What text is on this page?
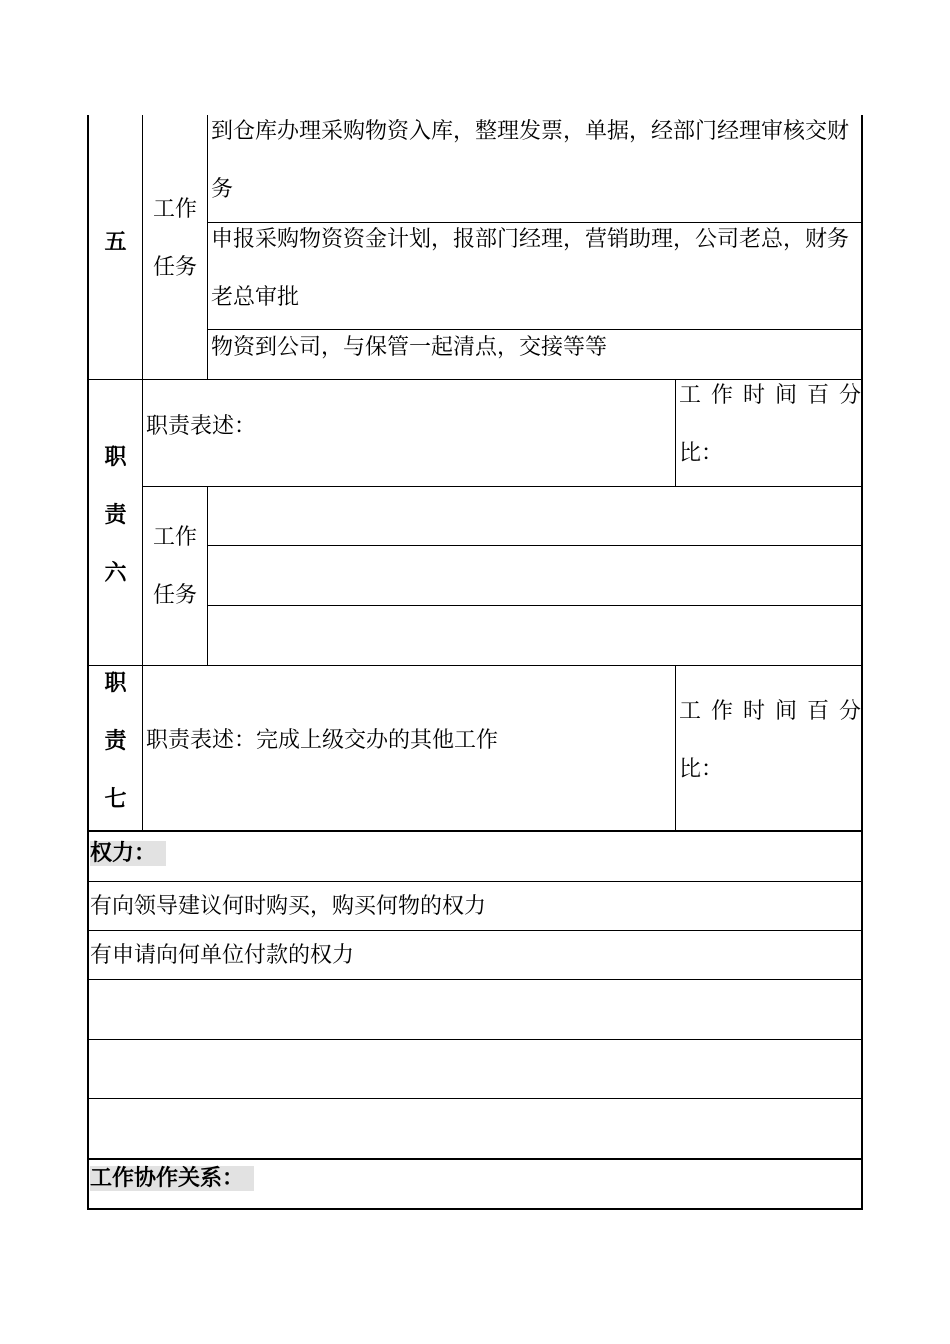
五
工作
任务
到仓库办理采购物资入库，整理发票，单据，经部门经理审核交财务
申报采购物资资金计划，报部门经理，营销助理，公司老总，财务老总审批
物资到公司，与保管一起清点，交接等等
职
责
六
职责表述：
工作时间百分
比：
工作
任务
职
责
七
职责表述：完成上级交办的其他工作
工作时间百分
比：
权力：
有向领导建议何时购买，购买何物的权力
有申请向何单位付款的权力
工作协作关系：
